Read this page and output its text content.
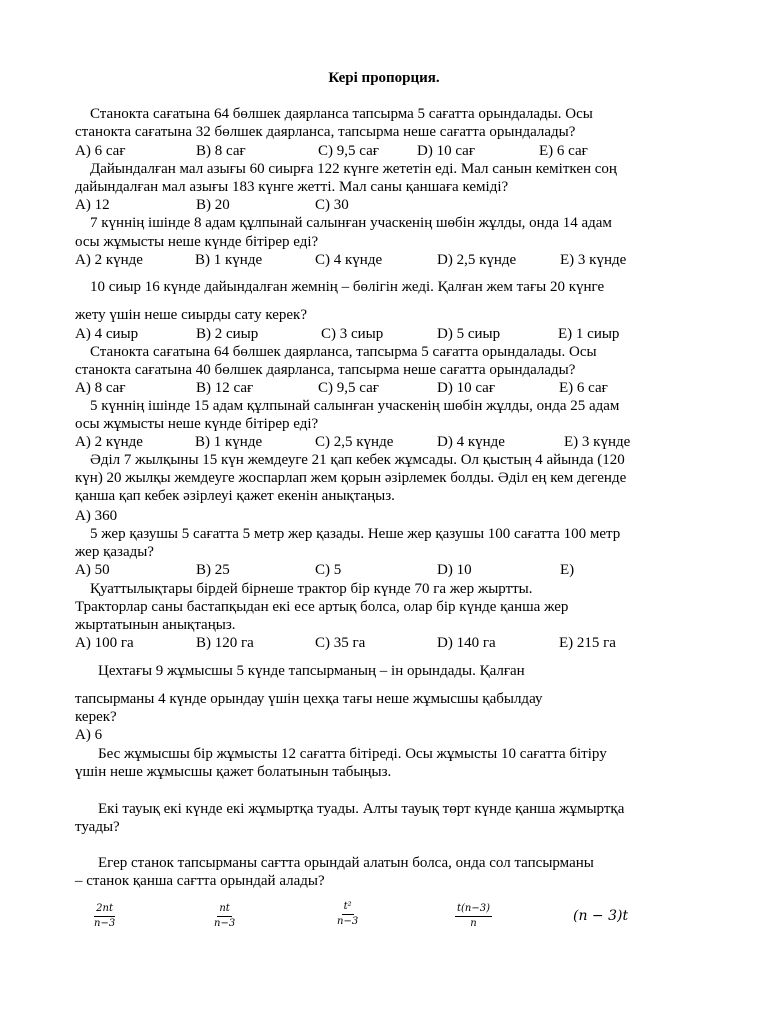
Кері пропорция.
Станокта сағатына 64 бөлшек даярланса тапсырма 5 сағатта орындалады. Осы
станокта сағатына 32 бөлшек даярланса, тапсырма неше сағатта орындалады?
А) 6 сағ	В) 8 сағ	С) 9,5 сағ	D) 10 сағ	Е) 6 сағ
Дайындалған мал азығы 60 сиырға 122 күнге жететін еді. Мал санын кеміткен соң
дайындалған мал азығы 183 күнге жетті. Мал саны қаншаға кеміді?
А) 12	В) 20	С) 30
7 күннің ішінде 8 адам құлпынай салынған учаскенің шөбін жұлды, онда 14 адам
осы жұмысты неше күнде бітірер еді?
А) 2 күнде	В) 1 күнде	С) 4 күнде	D) 2,5 күнде	Е) 3 күнде
10 сиыр 16 күнде дайындалған жемнің – бөлігін жеді. Қалған жем тағы 20 күнге
жету үшін неше сиырды сату керек?
А) 4 сиыр	В) 2 сиыр	С) 3 сиыр	D) 5 сиыр	Е) 1 сиыр
Станокта сағатына 64 бөлшек даярланса, тапсырма 5 сағатта орындалады. Осы
станокта сағатына 40 бөлшек даярланса, тапсырма неше сағатта орындалады?
А) 8 сағ	В) 12 сағ	С) 9,5 сағ	D) 10 сағ	Е) 6 сағ
5 күннің ішінде 15 адам құлпынай салынған учаскенің шөбін жұлды, онда 25 адам
осы жұмысты неше күнде бітірер еді?
А) 2 күнде	В) 1 күнде	С) 2,5 күнде	D) 4 күнде	Е) 3 күнде
Әділ 7 жылқыны 15 күн жемдеуге 21 қап кебек жұмсады. Ол қыстың 4 айында (120
күн) 20 жылқы жемдеуге жоспарлап жем қорын әзірлемек болды. Әділ ең кем дегенде
қанша қап кебек әзірлеуі қажет екенін анықтаңыз.
А) 360
5 жер қазушы 5 сағатта 5 метр жер қазады. Неше жер қазушы 100 сағатта 100 метр
жер қазады?
А) 50	В) 25	С) 5	D) 10	Е)
Қуаттылықтары бірдей бірнеше трактор бір күнде 70 га жер жыртты.
Тракторлар саны бастапқыдан екі есе артық болса, олар бір күнде қанша жер
жыртатынын анықтаңыз.
А) 100 га	В) 120 га	С) 35 га	D) 140 га	Е) 215 га
Цехтағы 9 жұмысшы 5 күнде тапсырманың – ін орындады. Қалған
тапсырманы 4 күнде орындау үшін цехқа тағы неше жұмысшы қабылдау
керек?
А) 6
Бес жұмысшы бір жұмысты 12 сағатта бітіреді. Осы жұмысты 10 сағатта бітіру
үшін неше жұмысшы қажет болатынын табыңыз.
Екі тауық екі күнде екі жұмыртқа туады. Алты тауық төрт күнде қанша жұмыртқа
туады?
Егер станок тапсырманы сағтта орындай алатын болса, онда сол тапсырманы
– станок қанша сағтта орындай алады?
$\frac{2nt}{n-3}$	$\frac{nt}{n-3}$	$\frac{\text{t²}}{n-3}$	$\frac{t(n-3)}{n}$	(n − 3)t
